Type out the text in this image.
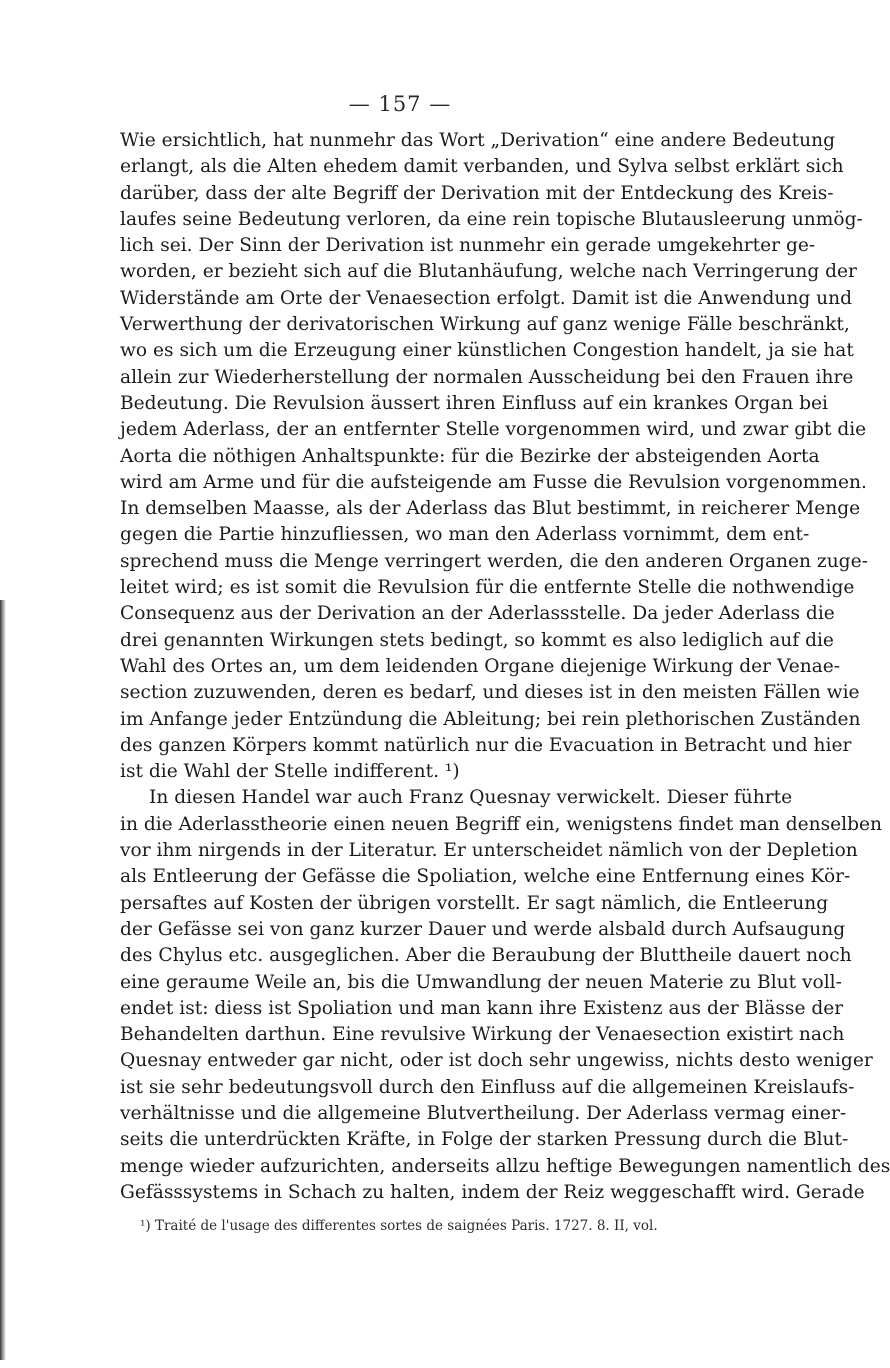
— 157 —
Wie ersichtlich, hat nunmehr das Wort „Derivation“ eine andere Bedeutung
erlangt, als die Alten ehedem damit verbanden, und Sylva selbst erklärt sich
darüber, dass der alte Begriff der Derivation mit der Entdeckung des Kreis-
laufes seine Bedeutung verloren, da eine rein topische Blutausleerung unmög-
lich sei. Der Sinn der Derivation ist nunmehr ein gerade umgekehrter ge-
worden, er bezieht sich auf die Blutanhäufung, welche nach Verringerung der
Widerstände am Orte der Venaesection erfolgt. Damit ist die Anwendung und
Verwerthung der derivatorischen Wirkung auf ganz wenige Fälle beschränkt,
wo es sich um die Erzeugung einer künstlichen Congestion handelt, ja sie hat
allein zur Wiederherstellung der normalen Ausscheidung bei den Frauen ihre
Bedeutung. Die Revulsion äussert ihren Einfluss auf ein krankes Organ bei
jedem Aderlass, der an entfernter Stelle vorgenommen wird, und zwar gibt die
Aorta die nöthigen Anhaltspunkte: für die Bezirke der absteigenden Aorta
wird am Arme und für die aufsteigende am Fusse die Revulsion vorgenommen.
In demselben Maasse, als der Aderlass das Blut bestimmt, in reicherer Menge
gegen die Partie hinzufliessen, wo man den Aderlass vornimmt, dem ent-
sprechend muss die Menge verringert werden, die den anderen Organen zuge-
leitet wird; es ist somit die Revulsion für die entfernte Stelle die nothwendige
Consequenz aus der Derivation an der Aderlassstelle. Da jeder Aderlass die
drei genannten Wirkungen stets bedingt, so kommt es also lediglich auf die
Wahl des Ortes an, um dem leidenden Organe diejenige Wirkung der Venae-
section zuzuwenden, deren es bedarf, und dieses ist in den meisten Fällen wie
im Anfange jeder Entzündung die Ableitung; bei rein plethorischen Zuständen
des ganzen Körpers kommt natürlich nur die Evacuation in Betracht und hier
ist die Wahl der Stelle indifferent. ¹)
In diesen Handel war auch Franz Quesnay verwickelt. Dieser führte
in die Aderlasstheorie einen neuen Begriff ein, wenigstens findet man denselben
vor ihm nirgends in der Literatur. Er unterscheidet nämlich von der Depletion
als Entleerung der Gefässe die Spoliation, welche eine Entfernung eines Kör-
persaftes auf Kosten der übrigen vorstellt. Er sagt nämlich, die Entleerung
der Gefässe sei von ganz kurzer Dauer und werde alsbald durch Aufsaugung
des Chylus etc. ausgeglichen. Aber die Beraubung der Bluttheile dauert noch
eine geraume Weile an, bis die Umwandlung der neuen Materie zu Blut voll-
endet ist: diess ist Spoliation und man kann ihre Existenz aus der Blässe der
Behandelten darthun. Eine revulsive Wirkung der Venaesection existirt nach
Quesnay entweder gar nicht, oder ist doch sehr ungewiss, nichts desto weniger
ist sie sehr bedeutungsvoll durch den Einfluss auf die allgemeinen Kreislaufs-
verhältnisse und die allgemeine Blutvertheilung. Der Aderlass vermag einer-
seits die unterdrückten Kräfte, in Folge der starken Pressung durch die Blut-
menge wieder aufzurichten, anderseits allzu heftige Bewegungen namentlich des
Gefässsystems in Schach zu halten, indem der Reiz weggeschafft wird. Gerade
¹) Traité de l'usage des differentes sortes de saignées Paris. 1727. 8. II, vol.
